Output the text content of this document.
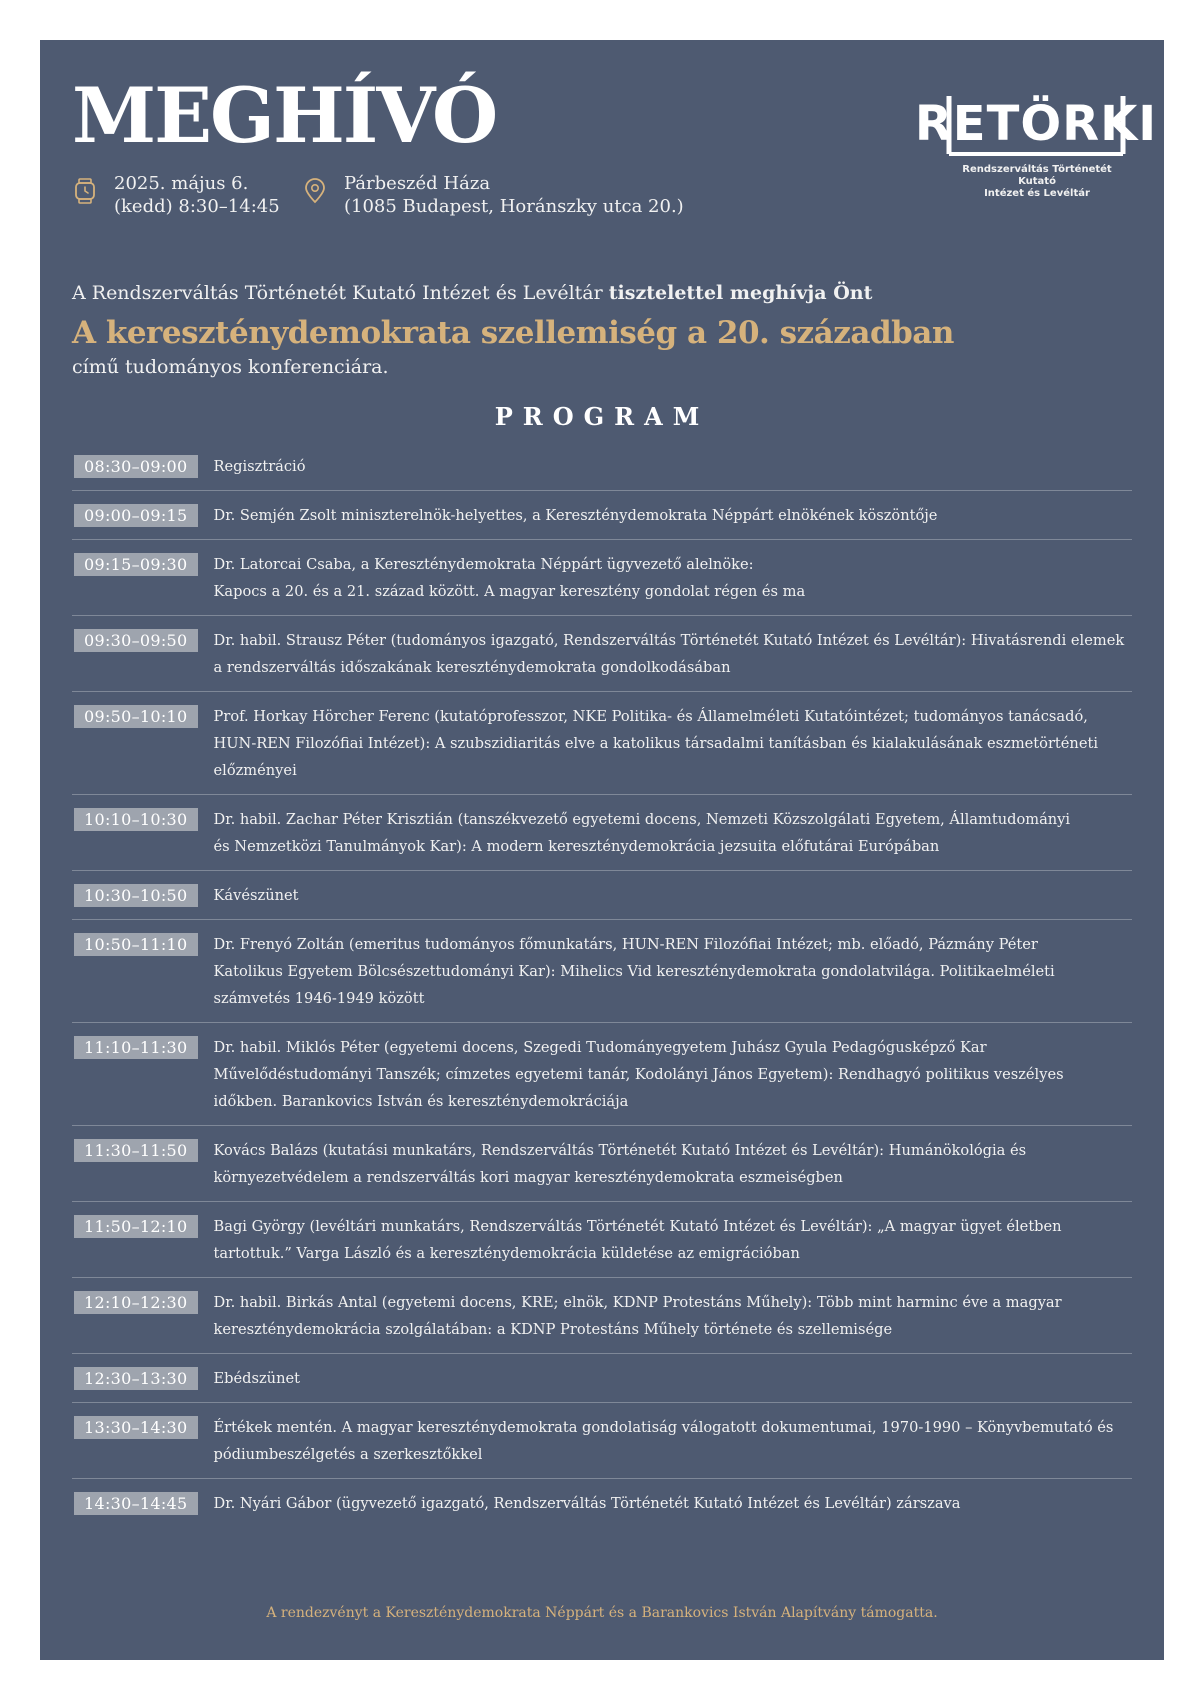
MEGHÍVÓ
2025. május 6.
(kedd) 8:30–14:45
Párbeszéd Háza
(1085 Budapest, Horánszky utca 20.)
RETÖRKI
Rendszerváltás Történetét Kutató
Intézet és Levéltár
A Rendszerváltás Történetét Kutató Intézet és Levéltár tisztelettel meghívja Önt
A kereszténydemokrata szellemiség a 20. században
című tudományos konferenciára.
PROGRAM
08:30–09:00	Regisztráció
09:00–09:15	Dr. Semjén Zsolt miniszterelnök-helyettes, a Kereszténydemokrata Néppárt elnökének köszöntője
09:15–09:30	Dr. Latorcai Csaba, a Kereszténydemokrata Néppárt ügyvezető alelnöke:
Kapocs a 20. és a 21. század között. A magyar keresztény gondolat régen és ma
09:30–09:50	Dr. habil. Strausz Péter (tudományos igazgató, Rendszerváltás Történetét Kutató Intézet és Levéltár): Hivatásrendi elemek
a rendszerváltás időszakának kereszténydemokrata gondolkodásában
09:50–10:10	Prof. Horkay Hörcher Ferenc (kutatóprofesszor, NKE Politika- és Államelméleti Kutatóintézet; tudományos tanácsadó,
HUN-REN Filozófiai Intézet): A szubszidiaritás elve a katolikus társadalmi tanításban és kialakulásának eszmetörténeti
előzményei
10:10–10:30	Dr. habil. Zachar Péter Krisztián (tanszékvezető egyetemi docens, Nemzeti Közszolgálati Egyetem, Államtudományi
és Nemzetközi Tanulmányok Kar): A modern kereszténydemokrácia jezsuita előfutárai Európában
10:30–10:50	Kávészünet
10:50–11:10	Dr. Frenyó Zoltán (emeritus tudományos főmunkatárs, HUN-REN Filozófiai Intézet; mb. előadó, Pázmány Péter
Katolikus Egyetem Bölcsészettudományi Kar): Mihelics Vid kereszténydemokrata gondolatvilága. Politikaelméleti
számvetés 1946-1949 között
11:10–11:30	Dr. habil. Miklós Péter (egyetemi docens, Szegedi Tudományegyetem Juhász Gyula Pedagógusképző Kar
Művelődéstudományi Tanszék; címzetes egyetemi tanár, Kodolányi János Egyetem): Rendhagyó politikus veszélyes
időkben. Barankovics István és kereszténydemokráciája
11:30–11:50	Kovács Balázs (kutatási munkatárs, Rendszerváltás Történetét Kutató Intézet és Levéltár): Humánökológia és
környezetvédelem a rendszerváltás kori magyar kereszténydemokrata eszmeiségben
11:50–12:10	Bagi György (levéltári munkatárs, Rendszerváltás Történetét Kutató Intézet és Levéltár): „A magyar ügyet életben
tartottuk.” Varga László és a kereszténydemokrácia küldetése az emigrációban
12:10–12:30	Dr. habil. Birkás Antal (egyetemi docens, KRE; elnök, KDNP Protestáns Műhely): Több mint harminc éve a magyar
kereszténydemokrácia szolgálatában: a KDNP Protestáns Műhely története és szellemisége
12:30–13:30	Ebédszünet
13:30–14:30	Értékek mentén. A magyar kereszténydemokrata gondolatiság válogatott dokumentumai, 1970-1990 – Könyvbemutató és
pódiumbeszélgetés a szerkesztőkkel
14:30–14:45	Dr. Nyári Gábor (ügyvezető igazgató, Rendszerváltás Történetét Kutató Intézet és Levéltár) zárszava
A rendezvényt a Kereszténydemokrata Néppárt és a Barankovics István Alapítvány támogatta.
